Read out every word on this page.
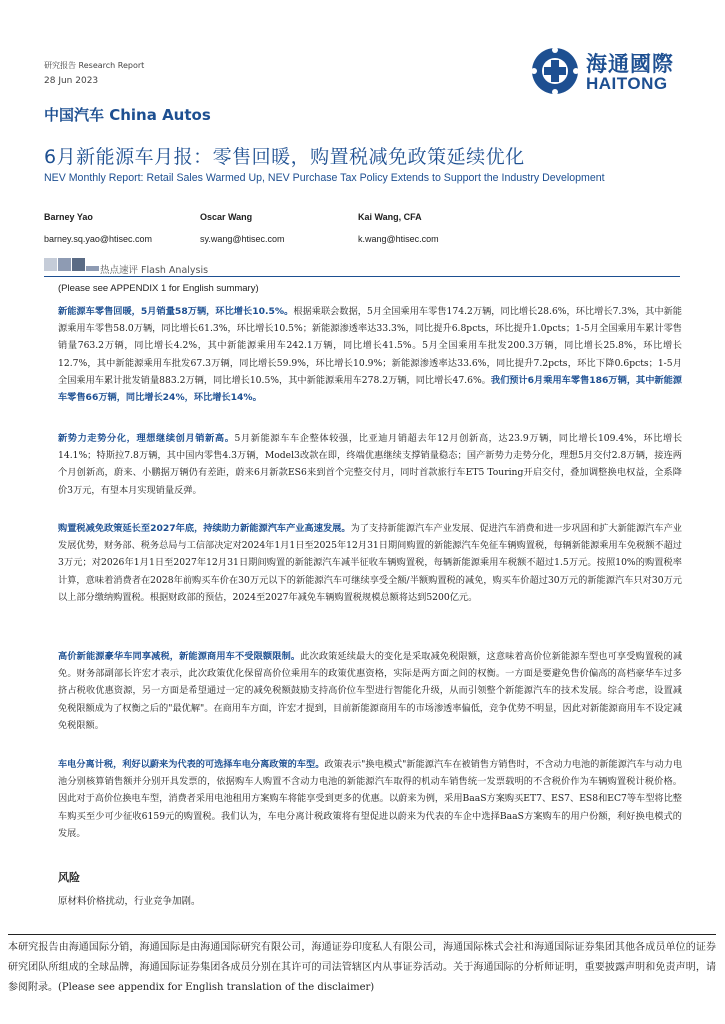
研究报告 Research Report
28 Jun 2023
海通國際
HAITONG
中国汽车 China Autos
6月新能源车月报：零售回暖，购置税减免政策延续优化
NEV Monthly Report: Retail Sales Warmed Up, NEV Purchase Tax Policy Extends to Support the Industry Development
Barney Yao
barney.sq.yao@htisec.com
Oscar Wang
sy.wang@htisec.com
Kai Wang, CFA
k.wang@htisec.com
热点速评 Flash Analysis
(Please see APPENDIX 1 for English summary)
新能源车零售回暖，5月销量58万辆，环比增长10.5%。根据乘联会数据，5月全国乘用车零售174.2万辆，同比增长28.6%，环比增长7.3%，其中新能源乘用车零售58.0万辆，同比增长61.3%，环比增长10.5%；新能源渗透率达33.3%，同比提升6.8pcts，环比提升1.0pcts；1-5月全国乘用车累计零售销量763.2万辆，同比增长4.2%，其中新能源乘用车242.1万辆，同比增长41.5%。5月全国乘用车批发200.3万辆，同比增长25.8%，环比增长12.7%，其中新能源乘用车批发67.3万辆，同比增长59.9%，环比增长10.9%；新能源渗透率达33.6%，同比提升7.2pcts，环比下降0.6pcts；1-5月全国乘用车累计批发销量883.2万辆，同比增长10.5%，其中新能源乘用车278.2万辆，同比增长47.6%。我们预计6月乘用车零售186万辆，其中新能源车零售66万辆，同比增长24%，环比增长14%。
新势力走势分化，理想继续创月销新高。5月新能源车车企整体较强，比亚迪月销超去年12月创新高，达23.9万辆，同比增长109.4%，环比增长14.1%；特斯拉7.8万辆，其中国内零售4.3万辆，Model3改款在即，终端优惠继续支撑销量稳态；国产新势力走势分化，理想5月交付2.8万辆，接连两个月创新高，蔚来、小鹏据万辆仍有差距，蔚来6月新款ES6来到首个完整交付月，同时首款旅行车ET5 Touring开启交付，叠加调整换电权益，全系降价3万元，有望本月实现销量反弹。
购置税减免政策延长至2027年底，持续助力新能源汽车产业高速发展。为了支持新能源汽车产业发展、促进汽车消费和进一步巩固和扩大新能源汽车产业发展优势，财务部、税务总局与工信部决定对2024年1月1日至2025年12月31日期间购置的新能源汽车免征车辆购置税，每辆新能源乘用车免税额不超过3万元；对2026年1月1日至2027年12月31日期间购置的新能源汽车减半征收车辆购置税，每辆新能源乘用车税额不超过1.5万元。按照10%的购置税率计算，意味着消费者在2028年前购买车价在30万元以下的新能源汽车可继续享受全额/半额购置税的减免，购买车价超过30万元的新能源汽车只对30万元以上部分缴纳购置税。根据财政部的预估，2024至2027年减免车辆购置税规模总额将达到5200亿元。
高价新能源豪华车同享减税，新能源商用车不受限额限制。此次政策延续最大的变化是采取减免税限额，这意味着高价位新能源车型也可享受购置税的减免。财务部副部长许宏才表示，此次政策优化保留高价位乘用车的政策优惠资格，实际是两方面之间的权衡。一方面是要避免售价偏高的高档豪华车过多挤占税收优惠资源，另一方面是希望通过一定的减免税额鼓励支持高价位车型进行智能化升级，从而引领整个新能源汽车的技术发展。综合考虑，设置减免税限额成为了权衡之后的"最优解"。在商用车方面，许宏才提到，目前新能源商用车的市场渗透率偏低，竞争优势不明显，因此对新能源商用车不设定减免税限额。
车电分离计税，利好以蔚来为代表的可选择车电分离政策的车型。政策表示"换电模式"新能源汽车在被销售方销售时，不含动力电池的新能源汽车与动力电池分别核算销售额并分别开具发票的，依据购车人购置不含动力电池的新能源汽车取得的机动车销售统一发票载明的不含税价作为车辆购置税计税价格。因此对于高价位换电车型，消费者采用电池租用方案购车将能享受到更多的优惠。以蔚来为例，采用BaaS方案购买ET7、ES7、ES8和EC7等车型将比整车购买至少可少征收6159元的购置税。我们认为，车电分离计税政策将有望促进以蔚来为代表的车企中选择BaaS方案购车的用户份额，利好换电模式的发展。
风险
原材料价格扰动，行业竞争加剧。
本研究报告由海通国际分销，海通国际是由海通国际研究有限公司，海通证券印度私人有限公司，海通国际株式会社和海通国际证券集团其他各成员单位的证券研究团队所组成的全球品牌，海通国际证券集团各成员分别在其许可的司法管辖区内从事证券活动。关于海通国际的分析师证明，重要披露声明和免责声明，请参阅附录。(Please see appendix for English translation of the disclaimer)
